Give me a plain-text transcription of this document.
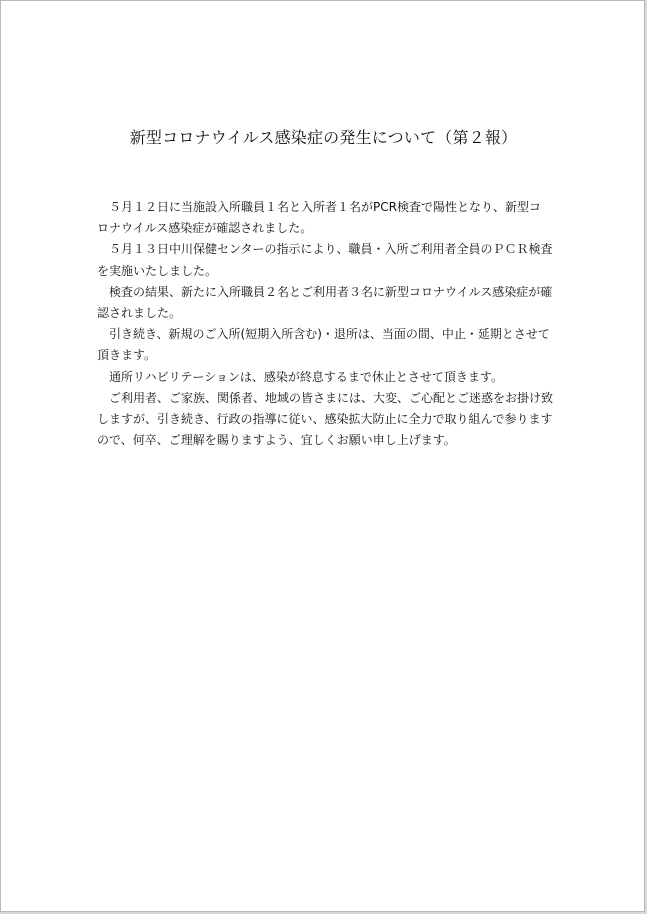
新型コロナウイルス感染症の発生について（第２報）
　５月１２日に当施設入所職員１名と入所者１名がPCR検査で陽性となり、新型コ
ロナウイルス感染症が確認されました。
　５月１３日中川保健センターの指示により、職員・入所ご利用者全員のＰＣＲ検査
を実施いたしました。
　検査の結果、新たに入所職員２名とご利用者３名に新型コロナウイルス感染症が確
認されました。
　引き続き、新規のご入所(短期入所含む)・退所は、当面の間、中止・延期とさせて
頂きます。
　通所リハビリテーションは、感染が終息するまで休止とさせて頂きます。
　ご利用者、ご家族、関係者、地域の皆さまには、大変、ご心配とご迷惑をお掛け致
しますが、引き続き、行政の指導に従い、感染拡大防止に全力で取り組んで参ります
ので、何卒、ご理解を賜りますよう、宜しくお願い申し上げます。
